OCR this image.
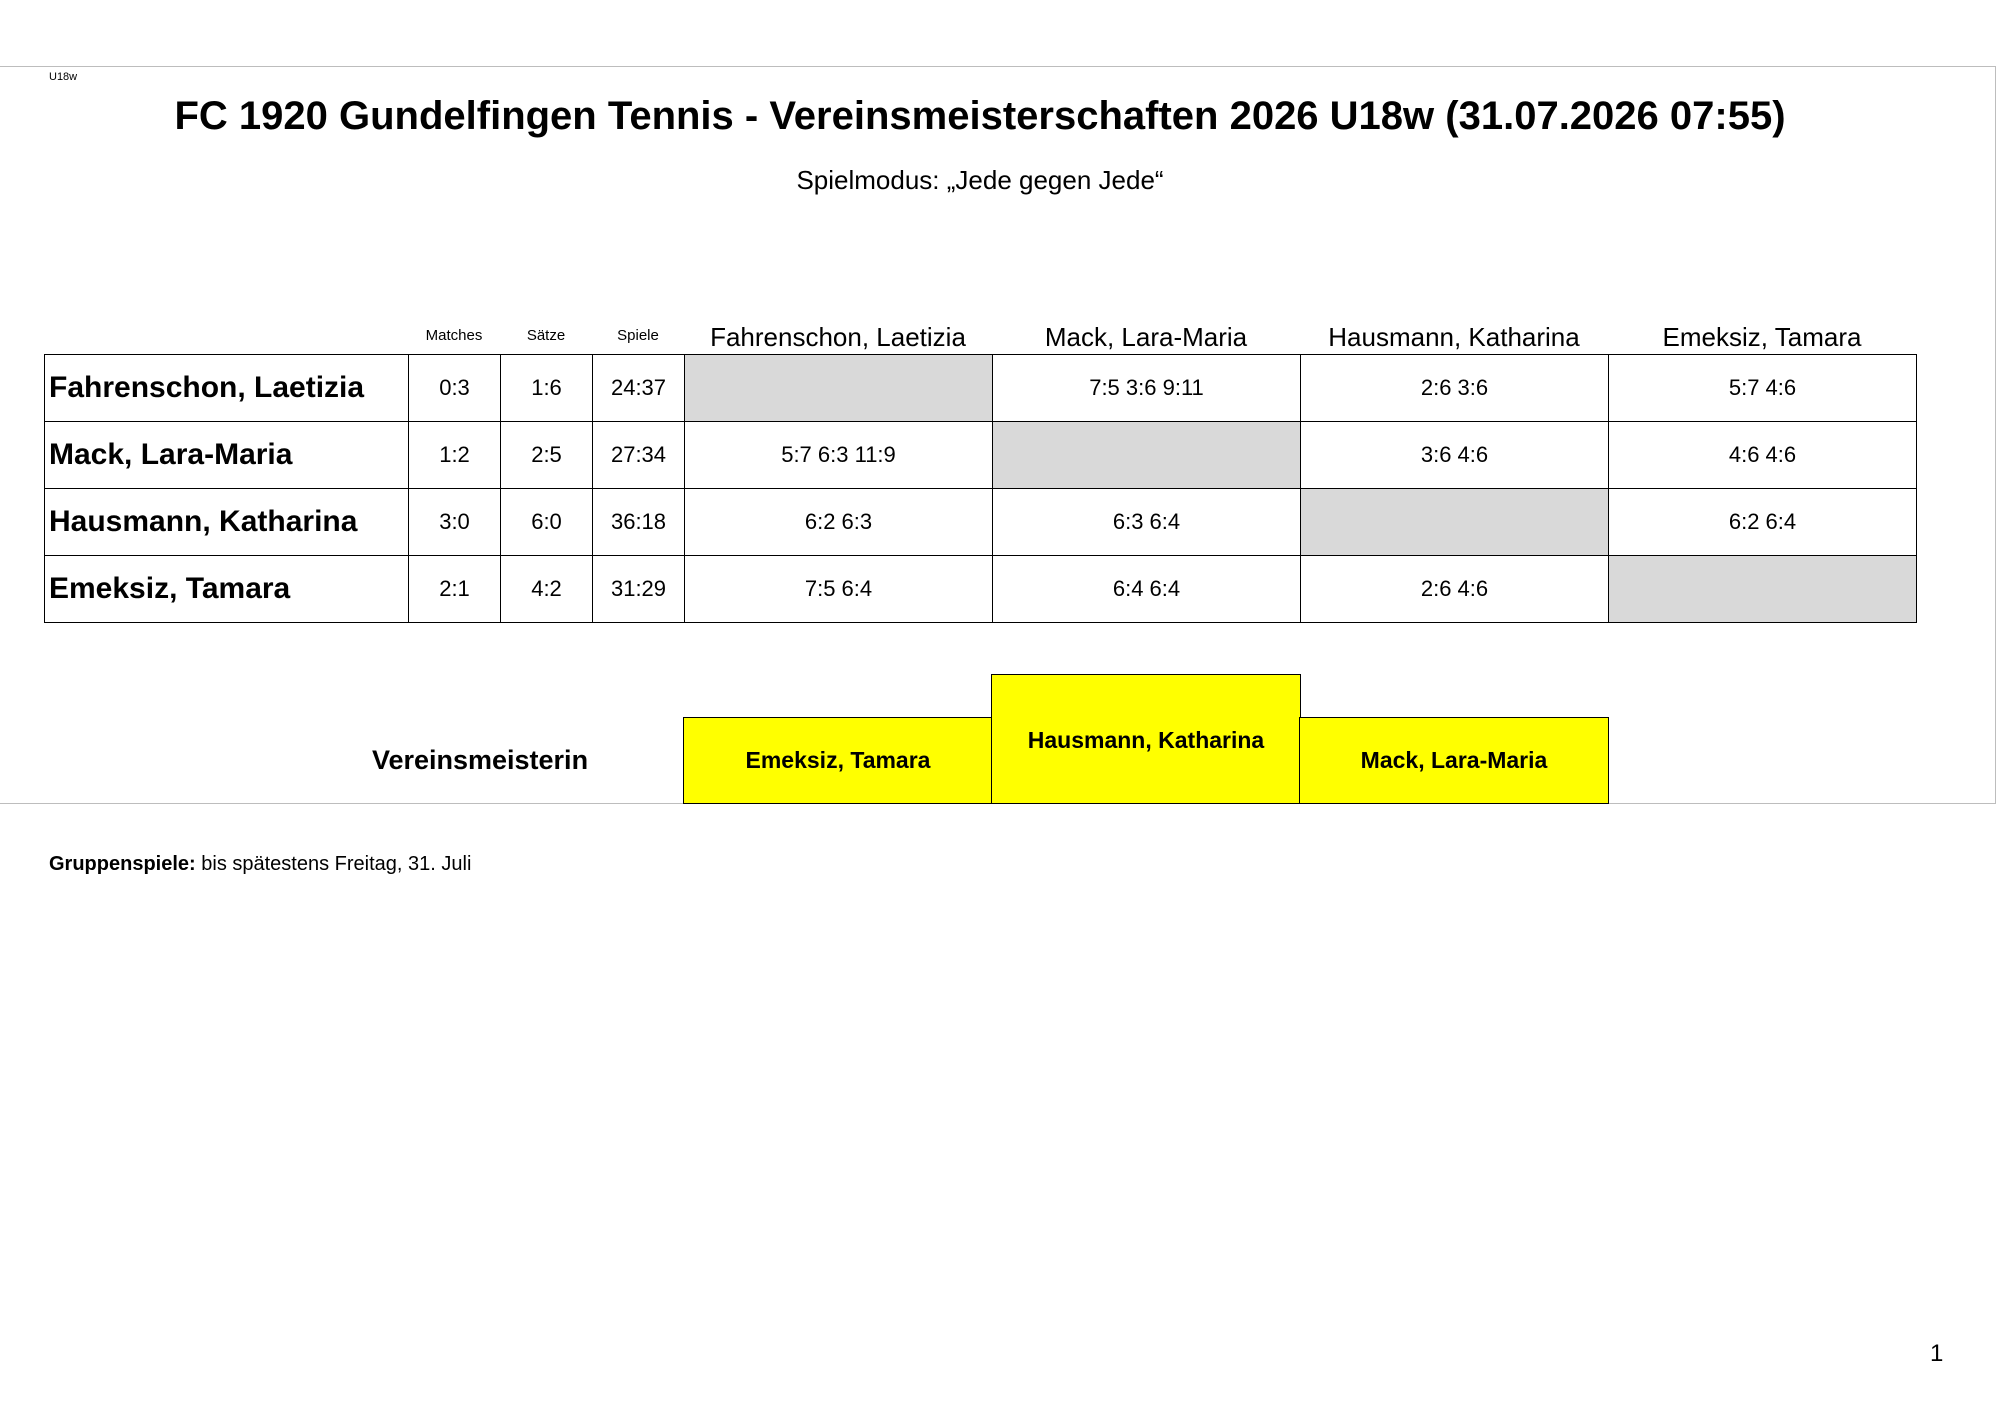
U18w
FC 1920 Gundelfingen Tennis - Vereinsmeisterschaften 2026 U18w (31.07.2026 07:55)
Spielmodus: „Jede gegen Jede“
Matches	Sätze	Spiele	Fahrenschon, Laetizia	Mack, Lara-Maria	Hausmann, Katharina	Emeksiz, Tamara
Fahrenschon, Laetizia	0:3	1:6	24:37		7:5 3:6 9:11	2:6 3:6	5:7 4:6
Mack, Lara-Maria	1:2	2:5	27:34	5:7 6:3 11:9		3:6 4:6	4:6 4:6
Hausmann, Katharina	3:0	6:0	36:18	6:2 6:3	6:3 6:4		6:2 6:4
Emeksiz, Tamara	2:1	4:2	31:29	7:5 6:4	6:4 6:4	2:6 4:6	
Vereinsmeisterin	Emeksiz, Tamara
Hausmann, Katharina
Mack, Lara-Maria
Gruppenspiele: bis spätestens Freitag, 31. Juli
1
